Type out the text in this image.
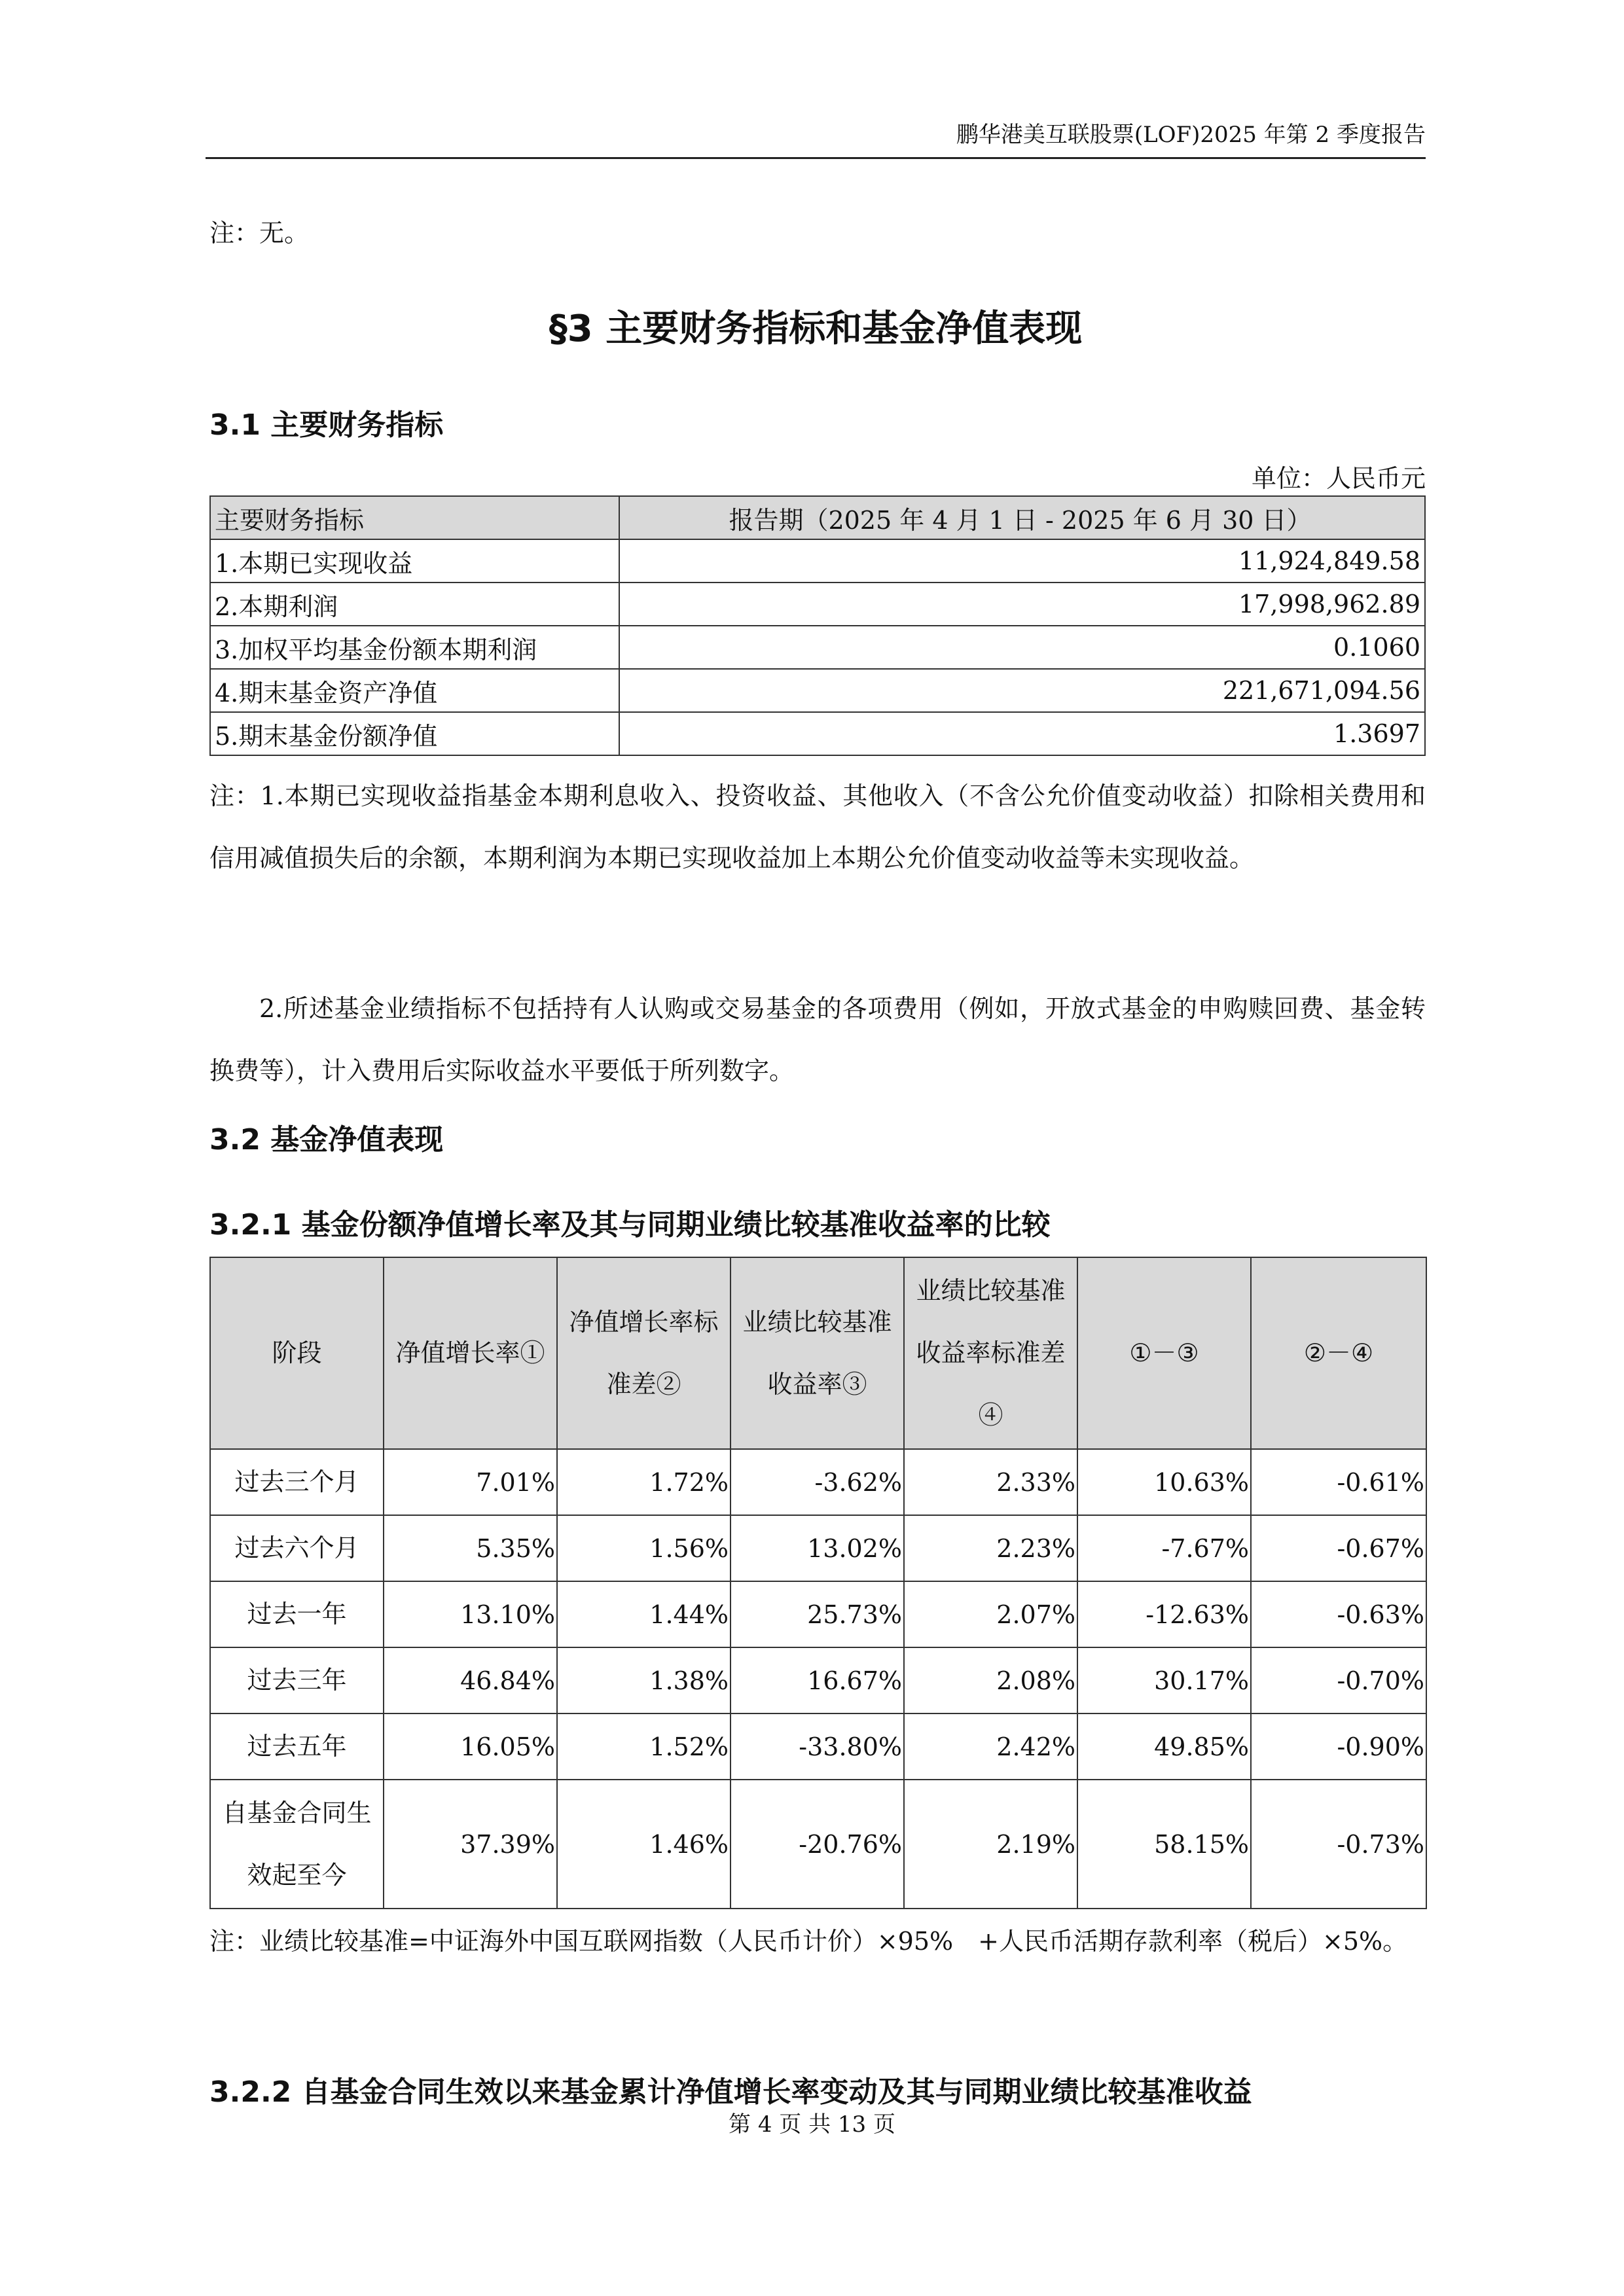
鹏华港美互联股票(LOF)2025 年第 2 季度报告
注：无。
§3 主要财务指标和基金净值表现
3.1 主要财务指标
单位：人民币元
主要财务指标	报告期（2025 年 4 月 1 日 - 2025 年 6 月 30 日）
1.本期已实现收益	11,924,849.58
2.本期利润	17,998,962.89
3.加权平均基金份额本期利润	0.1060
4.期末基金资产净值	221,671,094.56
5.期末基金份额净值	1.3697
注：1.本期已实现收益指基金本期利息收入、投资收益、其他收入（不含公允价值变动收益）扣除相关费用和信用减值损失后的余额，本期利润为本期已实现收益加上本期公允价值变动收益等未实现收益。
2.所述基金业绩指标不包括持有人认购或交易基金的各项费用（例如，开放式基金的申购赎回费、基金转换费等），计入费用后实际收益水平要低于所列数字。
3.2 基金净值表现
3.2.1 基金份额净值增长率及其与同期业绩比较基准收益率的比较
阶段	净值增长率①	净值增长率标准差②	业绩比较基准收益率③	业绩比较基准收益率标准差④	①－③	②－④
过去三个月	7.01%	1.72%	-3.62%	2.33%	10.63%	-0.61%
过去六个月	5.35%	1.56%	13.02%	2.23%	-7.67%	-0.67%
过去一年	13.10%	1.44%	25.73%	2.07%	-12.63%	-0.63%
过去三年	46.84%	1.38%	16.67%	2.08%	30.17%	-0.70%
过去五年	16.05%	1.52%	-33.80%	2.42%	49.85%	-0.90%
自基金合同生效起至今	37.39%	1.46%	-20.76%	2.19%	58.15%	-0.73%
注：业绩比较基准=中证海外中国互联网指数（人民币计价）×95%　+人民币活期存款利率（税后）×5%。
3.2.2 自基金合同生效以来基金累计净值增长率变动及其与同期业绩比较基准收益
第 4 页 共 13 页
